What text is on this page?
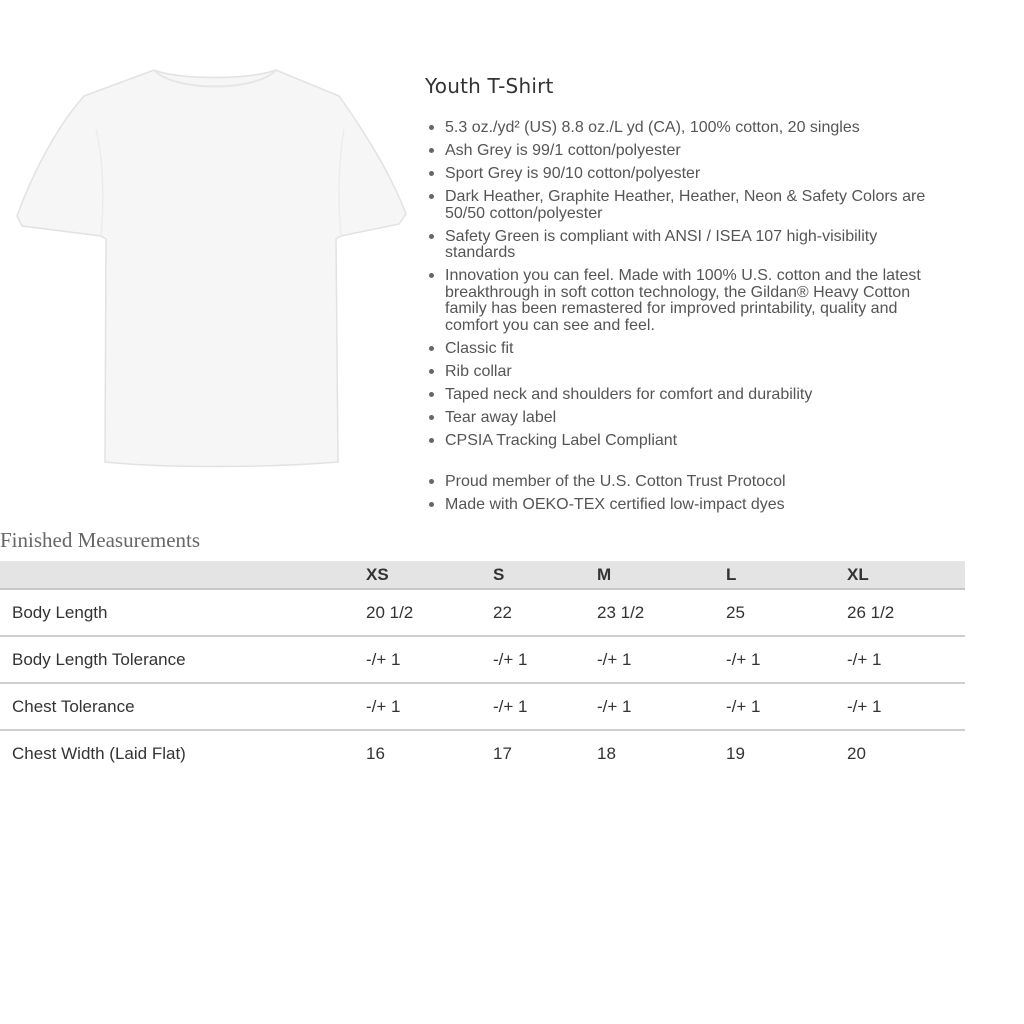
Youth T-Shirt
5.3 oz./yd² (US) 8.8 oz./L yd (CA), 100% cotton, 20 singles
Ash Grey is 99/1 cotton/polyester
Sport Grey is 90/10 cotton/polyester
Dark Heather, Graphite Heather, Heather, Neon & Safety Colors are 50/50 cotton/polyester
Safety Green is compliant with ANSI / ISEA 107 high-visibility standards
Innovation you can feel. Made with 100% U.S. cotton and the latest breakthrough in soft cotton technology, the Gildan® Heavy Cotton family has been remastered for improved printability, quality and comfort you can see and feel.
Classic fit
Rib collar
Taped neck and shoulders for comfort and durability
Tear away label
CPSIA Tracking Label Compliant
Proud member of the U.S. Cotton Trust Protocol
Made with OEKO-TEX certified low-impact dyes
Finished Measurements
	XS	S	M	L	XL
Body Length	20 1/2	22	23 1/2	25	26 1/2
Body Length Tolerance	-/+ 1	-/+ 1	-/+ 1	-/+ 1	-/+ 1
Chest Tolerance	-/+ 1	-/+ 1	-/+ 1	-/+ 1	-/+ 1
Chest Width (Laid Flat)	16	17	18	19	20
